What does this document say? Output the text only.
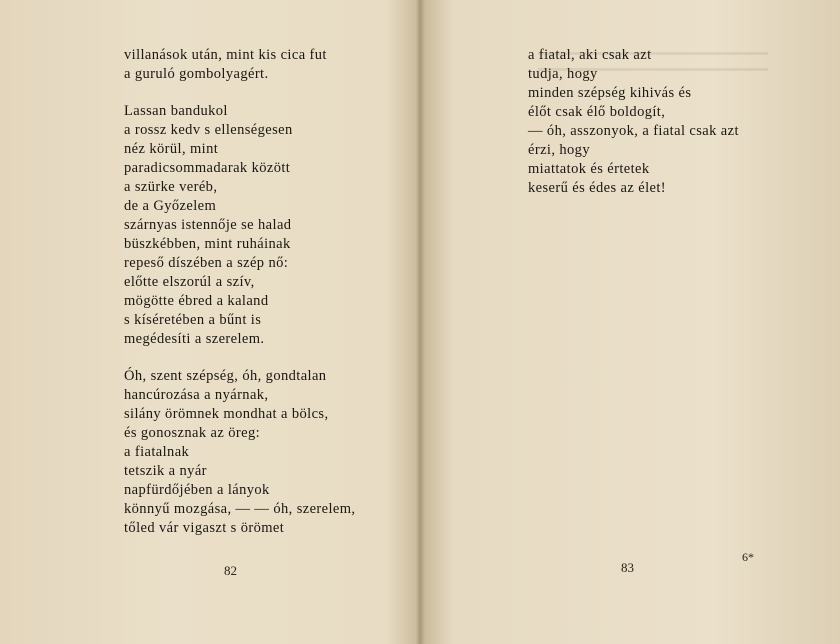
villanások után, mint kis cica fut
a guruló gombolyagért.
Lassan bandukol
a rossz kedv s ellenségesen
néz körül, mint
paradicsommadarak között
a szürke veréb,
de a Győzelem
szárnyas istennője se halad
büszkébben, mint ruháinak
repeső díszében a szép nő:
előtte elszorúl a szív,
mögötte ébred a kaland
s kíséretében a bűnt is
megédesíti a szerelem.
Óh, szent szépség, óh, gondtalan
hancúrozása a nyárnak,
silány örömnek mondhat a bölcs,
és gonosznak az öreg:
a fiatalnak
tetszik a nyár
napfürdőjében a lányok
könnyű mozgása, — — óh, szerelem,
tőled vár vigaszt s örömet
82
a fiatal, aki csak azt
tudja, hogy
minden szépség kihivás és
élőt csak élő boldogít,
— óh, asszonyok, a fiatal csak azt
érzi, hogy
miattatok és értetek
keserű és édes az élet!
83
6*
